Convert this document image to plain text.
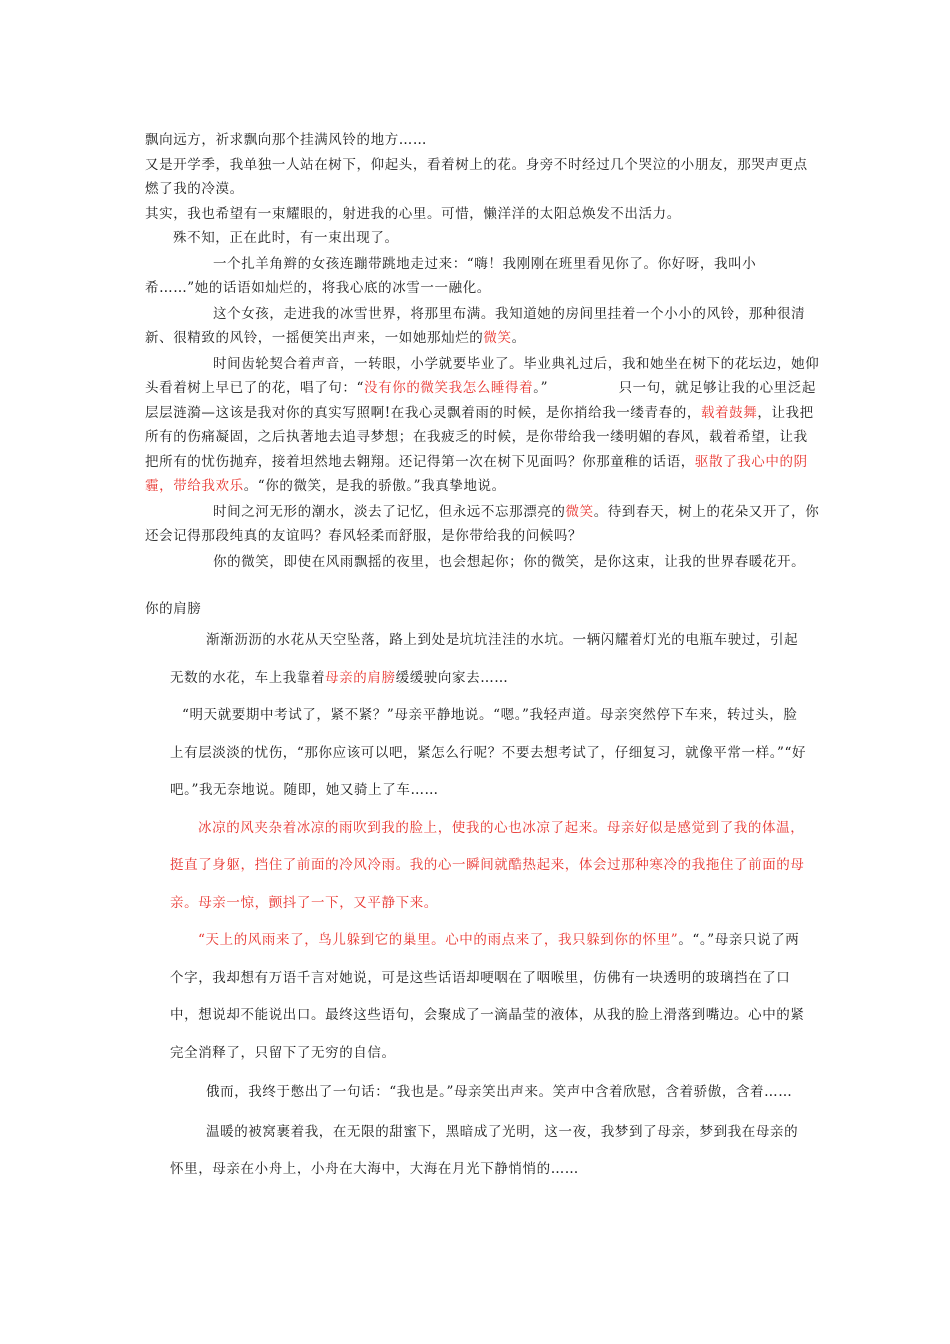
飘向远方，祈求飘向那个挂满风铃的地方……

又是开学季，我单独一人站在树下，仰起头，看着树上的花。身旁不时经过几个哭泣的小朋友，那哭声更点燃了我的冷漠。

其实，我也希望有一束耀眼的，射进我的心里。可惜，懒洋洋的太阳总焕发不出活力。

殊不知，正在此时，有一束出现了。

一个扎羊角辫的女孩连蹦带跳地走过来：“嗨！我刚刚在班里看见你了。你好呀，我叫小希……”她的话语如灿烂的，将我心底的冰雪一一融化。

这个女孩，走进我的冰雪世界，将那里布满。我知道她的房间里挂着一个小小的风铃，那种很清新、很精致的风铃，一摇便笑出声来，一如她那灿烂的微笑。

时间齿轮契合着声音，一转眼，小学就要毕业了。毕业典礼过后，我和她坐在树下的花坛边，她仰头看着树上早已了的花，唱了句：“没有你的微笑我怎么睡得着。”　　　　　只一句，就足够让我的心里泛起层层涟漪—这该是我对你的真实写照啊!在我心灵飘着雨的时候，是你捎给我一缕青春的，载着鼓舞，让我把所有的伤痛凝固，之后执著地去追寻梦想；在我疲乏的时候，是你带给我一缕明媚的春风，载着希望，让我把所有的忧伤抛弃，接着坦然地去翱翔。还记得第一次在树下见面吗？你那童稚的话语，驱散了我心中的阴霾，带给我欢乐。“你的微笑，是我的骄傲。”我真挚地说。

时间之河无形的潮水，淡去了记忆，但永远不忘那漂亮的微笑。待到春天，树上的花朵又开了，你还会记得那段纯真的友谊吗？春风轻柔而舒服，是你带给我的问候吗？

你的微笑，即使在风雨飘摇的夜里，也会想起你；你的微笑，是你这束，让我的世界春暖花开。

你的肩膀

渐渐沥沥的水花从天空坠落，路上到处是坑坑洼洼的水坑。一辆闪耀着灯光的电瓶车驶过，引起无数的水花，车上我靠着母亲的肩膀缓缓驶向家去……

“明天就要期中考试了，紧不紧？”母亲平静地说。“嗯。”我轻声道。母亲突然停下车来，转过头，脸上有层淡淡的忧伤，“那你应该可以吧，紧怎么行呢？不要去想考试了，仔细复习，就像平常一样。”“好吧。”我无奈地说。随即，她又骑上了车……

冰凉的风夹杂着冰凉的雨吹到我的脸上，使我的心也冰凉了起来。母亲好似是感觉到了我的体温，挺直了身躯，挡住了前面的冷风冷雨。我的心一瞬间就酷热起来，体会过那种寒冷的我拖住了前面的母亲。母亲一惊，颤抖了一下，又平静下来。

“天上的风雨来了，鸟儿躲到它的巢里。心中的雨点来了，我只躲到你的怀里”。“。”母亲只说了两个字，我却想有万语千言对她说，可是这些话语却哽咽在了咽喉里，仿佛有一块透明的玻璃挡在了口中，想说却不能说出口。最终这些语句，会聚成了一滴晶莹的液体，从我的脸上滑落到嘴边。心中的紧完全消释了，只留下了无穷的自信。

俄而，我终于憋出了一句话：“我也是。”母亲笑出声来。笑声中含着欣慰，含着骄傲，含着……

温暖的被窝裹着我，在无限的甜蜜下，黑暗成了光明，这一夜，我梦到了母亲，梦到我在母亲的怀里，母亲在小舟上，小舟在大海中，大海在月光下静悄悄的……
